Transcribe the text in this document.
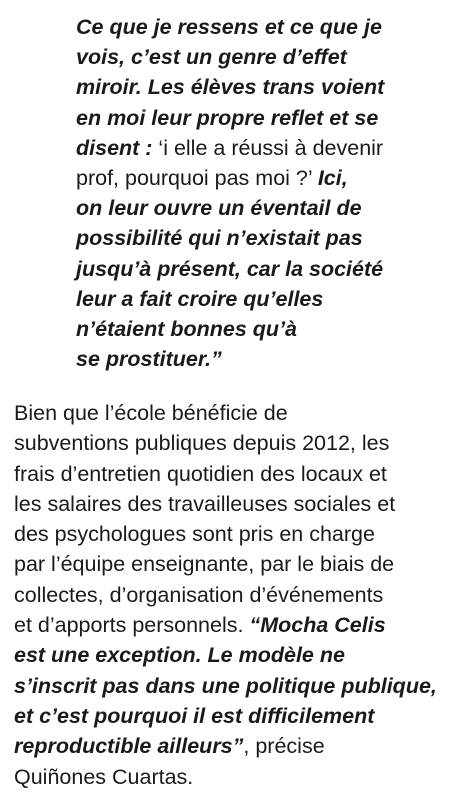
Ce que je ressens et ce que je
vois, c’est un genre d’effet
miroir. Les élèves trans voient
en moi leur propre reflet et se
disent : ‘i elle a réussi à devenir
prof, pourquoi pas moi ?’ Ici,
on leur ouvre un éventail de
possibilité qui n’existait pas
jusqu’à présent, car la société
leur a fait croire qu’elles
n’étaient bonnes qu’à
se prostituer.”

Bien que l’école bénéficie de
subventions publiques depuis 2012, les
frais d’entretien quotidien des locaux et
les salaires des travailleuses sociales et
des psychologues sont pris en charge
par l’équipe enseignante, par le biais de
collectes, d’organisation d’événements
et d’apports personnels. “Mocha Celis
est une exception. Le modèle ne
s’inscrit pas dans une politique publique,
et c’est pourquoi il est difficilement
reproductible ailleurs”, précise
Quiñones Cuartas.
